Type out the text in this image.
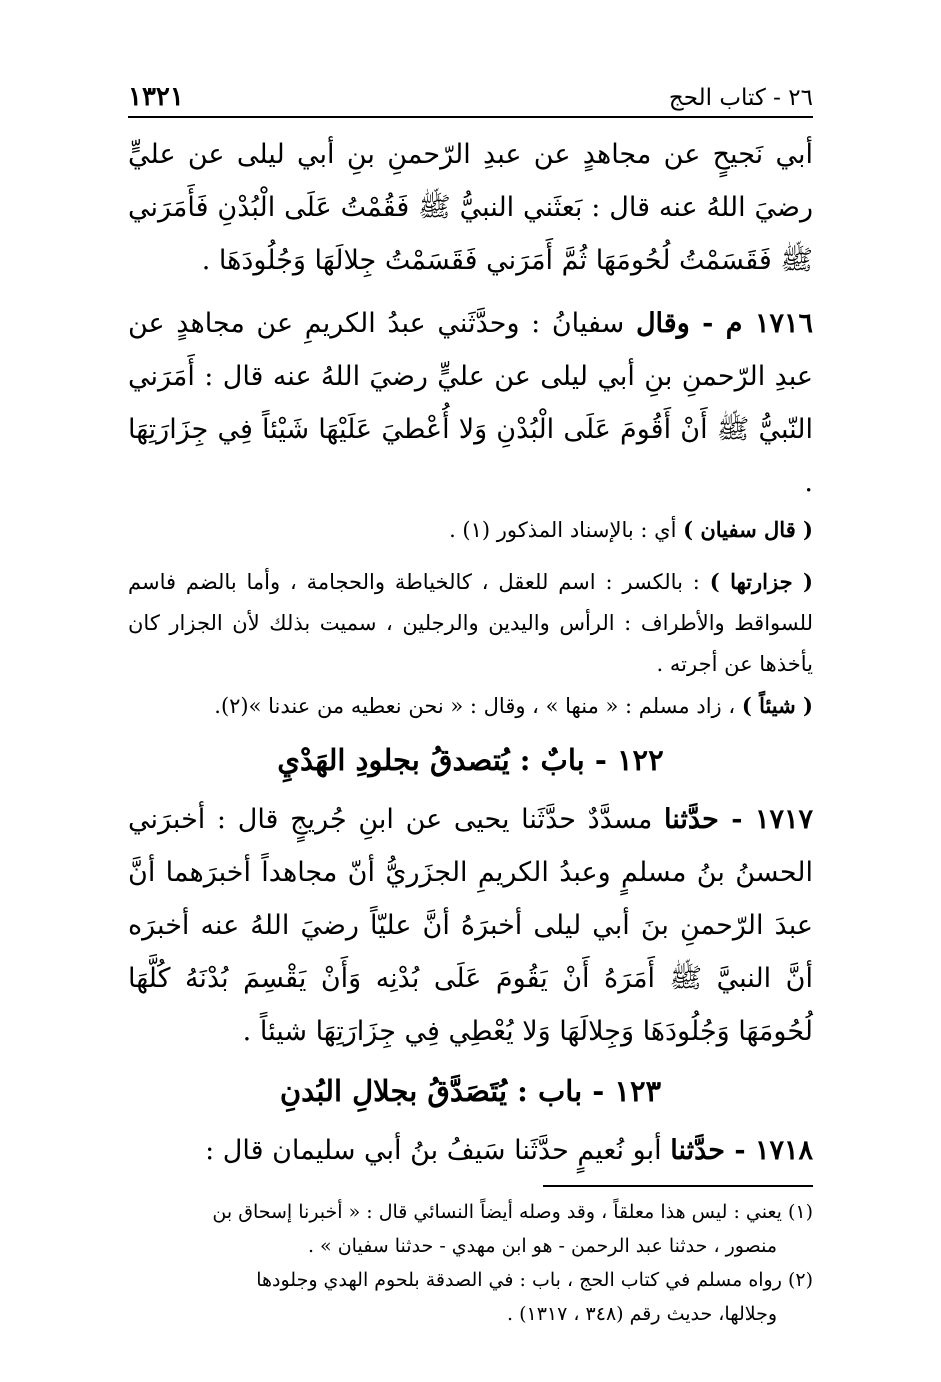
٢٦ - كتاب الحج
١٣٢١

أبي نَجيحٍ عن مجاهدٍ عن عبدِ الرّحمنِ بنِ أبي ليلى عن عليٍّ رضيَ اللهُ عنه قال : بَعثَني النبيُّ ﷺ فَقُمْتُ عَلَى الْبُدْنِ فَأَمَرَني ﷺ فَقَسَمْتُ لُحُومَهَا ثُمَّ أَمَرَني فَقَسَمْتُ جِلالَهَا وَجُلُودَهَا .

١٧١٦ م - وقال سفيانُ : وحدَّثَني عبدُ الكريمِ عن مجاهدٍ عن عبدِ الرّحمنِ بنِ أبي ليلى عن عليٍّ رضيَ اللهُ عنه قال : أَمَرَني النّبيُّ ﷺ أَنْ أَقُومَ عَلَى الْبُدْنِ وَلا أُعْطيَ عَلَيْهَا شَيْئاً فِي جِزَارَتِهَا .

( قال سفيان ) أي : بالإسناد المذكور (١) .

( جزارتها ) : بالكسر : اسم للعقل ، كالخياطة والحجامة ، وأما بالضم فاسم للسواقط والأطراف : الرأس واليدين والرجلين ، سميت بذلك لأن الجزار كان يأخذها عن أجرته .

( شيئاً ) ، زاد مسلم : « منها » ، وقال : « نحن نعطيه من عندنا »(٢).

١٢٢ - بابٌ : يُتصدقُ بجلودِ الهَدْيِ

١٧١٧ - حدَّثنا مسدَّدٌ حدَّثَنا يحيى عن ابنِ جُريجٍ قال : أخبرَني الحسنُ بنُ مسلمٍ وعبدُ الكريمِ الجزَريُّ أنّ مجاهداً أخبرَهما أنَّ عبدَ الرّحمنِ بنَ أبي ليلى أخبرَهُ أنَّ عليّاً رضيَ اللهُ عنه أخبرَه أنَّ النبيَّ ﷺ أَمَرَهُ أَنْ يَقُومَ عَلَى بُدْنِه وَأَنْ يَقْسِمَ بُدْنَهُ كُلَّهَا لُحُومَهَا وَجُلُودَهَا وَجِلالَهَا وَلا يُعْطِي فِي جِزَارَتِهَا شيئاً .

١٢٣ - باب : يُتَصَدَّقُ بجلالِ البُدنِ

١٧١٨ - حدَّثنا أبو نُعيمٍ حدَّثَنا سَيفُ بنُ أبي سليمان قال :

(١) يعني : ليس هذا معلقاً ، وقد وصله أيضاً النسائي قال : « أخبرنا إسحاق بن
منصور ، حدثنا عبد الرحمن - هو ابن مهدي - حدثنا سفيان » .

(٢) رواه مسلم في كتاب الحج ، باب : في الصدقة بلحوم الهدي وجلودها
وجلالها، حديث رقم (٣٤٨ ، ١٣١٧) .
